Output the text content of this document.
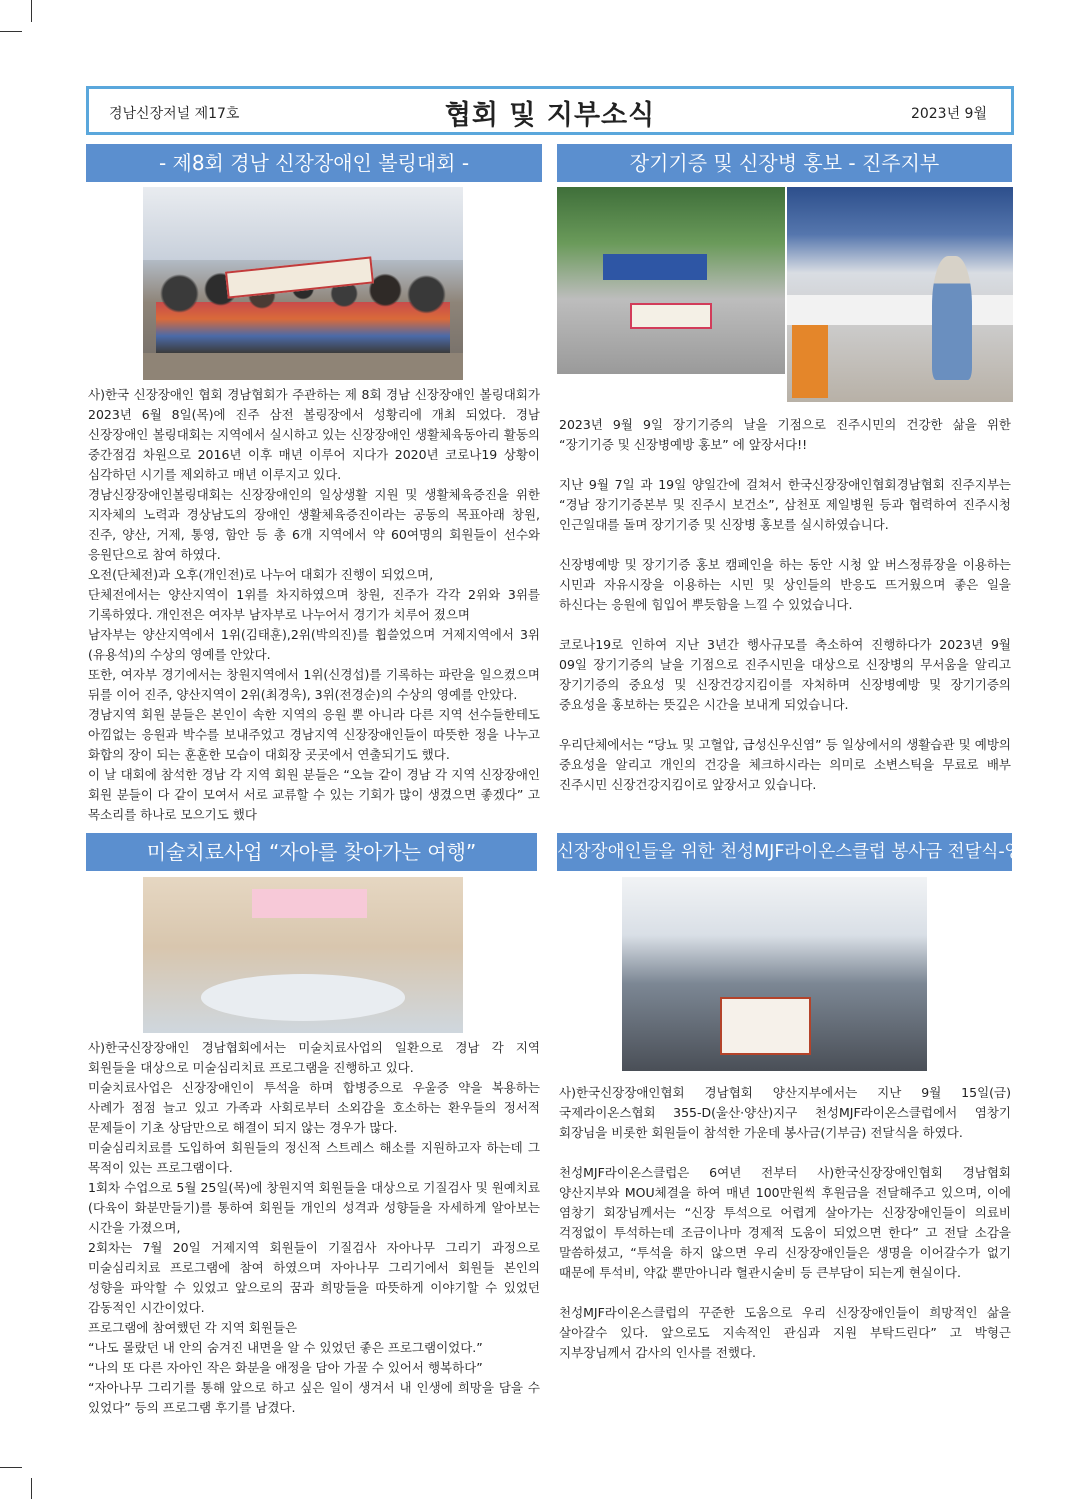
경남신장저널 제17호	협회 및 지부소식	2023년 9월
- 제8회 경남 신장장애인 볼링대회 -

사)한국 신장장애인 협회 경남협회가 주관하는 제 8회 경남 신장장애인 볼링대회가 2023년 6월 8일(목)에 진주 삼전 볼링장에서 성황리에 개최 되었다. 경남 신장장애인 볼링대회는 지역에서 실시하고 있는 신장장애인 생활체육동아리 활동의 중간점검 차원으로 2016년 이후 매년 이루어 지다가 2020년 코로나19 상황이 심각하던 시기를 제외하고 매년 이루지고 있다.

경남신장장애인볼링대회는 신장장애인의 일상생활 지원 및 생활체육증진을 위한 지자체의 노력과 경상남도의 장애인 생활체육증진이라는 공동의 목표아래 창원, 진주, 양산, 거제, 통영, 함안 등 총 6개 지역에서 약 60여명의 회원들이 선수와 응원단으로 참여 하였다.

오전(단체전)과 오후(개인전)로 나누어 대회가 진행이 되었으며,

단체전에서는 양산지역이 1위를 차지하였으며 창원, 진주가 각각 2위와 3위를 기록하였다. 개인전은 여자부 남자부로 나누어서 경기가 치루어 졌으며

남자부는 양산지역에서 1위(김태훈),2위(박의진)를 휩쓸었으며 거제지역에서 3위(유용석)의 수상의 영예를 안았다.

또한, 여자부 경기에서는 창원지역에서 1위(신경섭)를 기록하는 파란을 일으켰으며 뒤를 이어 진주, 양산지역이 2위(최경욱), 3위(전경순)의 수상의 영예를 안았다.

경남지역 회원 분들은 본인이 속한 지역의 응원 뿐 아니라 다른 지역 선수들한테도 아낌없는 응원과 박수를 보내주었고 경남지역 신장장애인들이 따뜻한 정을 나누고 화합의 장이 되는 훈훈한 모습이 대회장 곳곳에서 연출되기도 했다.

이 날 대회에 참석한 경남 각 지역 회원 분들은 “오늘 같이 경남 각 지역 신장장애인 회원 분들이 다 같이 모여서 서로 교류할 수 있는 기회가 많이 생겼으면 좋겠다” 고 목소리를 하나로 모으기도 했다

장기기증 및 신장병 홍보 - 진주지부

2023년 9월 9일 장기기증의 날을 기점으로 진주시민의 건강한 삶을 위한 “장기기증 및 신장병예방 홍보” 에 앞장서다!!

지난 9월 7일 과 19일 양일간에 걸쳐서 한국신장장애인협회경남협회 진주지부는 “경남 장기기증본부 및 진주시 보건소”, 삼천포 제일병원 등과 협력하여 진주시청 인근일대를 돌며 장기기증 및 신장병 홍보를 실시하였습니다.

신장병예방 및 장기기증 홍보 캠페인을 하는 동안 시청 앞 버스정류장을 이용하는 시민과 자유시장을 이용하는 시민 및 상인들의 반응도 뜨거웠으며 좋은 일을 하신다는 응원에 힘입어 뿌듯함을 느낄 수 있었습니다.

코로나19로 인하여 지난 3년간 행사규모를 축소하여 진행하다가 2023년 9월 09일 장기기증의 날을 기점으로 진주시민을 대상으로 신장병의 무서움을 알리고 장기기증의 중요성 및 신장건강지킴이를 자처하며 신장병예방 및 장기기증의 중요성을 홍보하는 뜻깊은 시간을 보내게 되었습니다.

우리단체에서는 “당뇨 및 고혈압, 급성신우신염” 등 일상에서의 생활습관 및 예방의 중요성을 알리고 개인의 건강을 체크하시라는 의미로 소변스틱을 무료로 배부 진주시민 신장건강지킴이로 앞장서고 있습니다.

미술치료사업 “자아를 찾아가는 여행”

사)한국신장장애인 경남협회에서는 미술치료사업의 일환으로 경남 각 지역 회원들을 대상으로 미술심리치료 프로그램을 진행하고 있다.

미술치료사업은 신장장애인이 투석을 하며 합병증으로 우울증 약을 복용하는 사례가 점점 늘고 있고 가족과 사회로부터 소외감을 호소하는 환우들의 정서적 문제들이 기초 상담만으로 해결이 되지 않는 경우가 많다.

미술심리치료를 도입하여 회원들의 정신적 스트레스 해소를 지원하고자 하는데 그 목적이 있는 프로그램이다.

1회차 수업으로 5월 25일(목)에 창원지역 회원들을 대상으로 기질검사 및 원예치료(다육이 화분만들기)를 통하여 회원들 개인의 성격과 성향들을 자세하게 알아보는 시간을 가졌으며,

2회차는 7월 20일 거제지역 회원들이 기질검사 자아나무 그리기 과정으로 미술심리치료 프로그램에 참여 하였으며 자아나무 그리기에서 회원들 본인의 성향을 파악할 수 있었고 앞으로의 꿈과 희망들을 따뜻하게 이야기할 수 있었던 감동적인 시간이었다.

프로그램에 참여했던 각 지역 회원들은

“나도 몰랐던 내 안의 숨겨진 내면을 알 수 있었던 좋은 프로그램이었다.”

“나의 또 다른 자아인 작은 화분을 애정을 담아 가꿀 수 있어서 행복하다”

“자아나무 그리기를 통해 앞으로 하고 싶은 일이 생겨서 내 인생에 희망을 담을 수 있었다” 등의 프로그램 후기를 남겼다.

신장장애인들을 위한 천성MJF라이온스클럽 봉사금 전달식-양산지부

사)한국신장장애인협회 경남협회 양산지부에서는 지난 9월 15일(금) 국제라이온스협회 355-D(울산·양산)지구 천성MJF라이온스클럽에서 염창기 회장님을 비롯한 회원들이 참석한 가운데 봉사금(기부금) 전달식을 하였다.

천성MJF라이온스클럽은 6여년 전부터 사)한국신장장애인협회 경남협회 양산지부와 MOU체결을 하여 매년 100만원씩 후원금을 전달해주고 있으며, 이에 염창기 회장님께서는 “신장 투석으로 어렵게 살아가는 신장장애인들이 의료비 걱정없이 투석하는데 조금이나마 경제적 도움이 되었으면 한다” 고 전달 소감을 말씀하셨고, “투석을 하지 않으면 우리 신장장애인들은 생명을 이어갈수가 없기 때문에 투석비, 약값 뿐만아니라 혈관시술비 등 큰부담이 되는게 현실이다.

천성MJF라이온스클럽의 꾸준한 도움으로 우리 신장장애인들이 희망적인 삶을 살아갈수 있다. 앞으로도 지속적인 관심과 지원 부탁드린다” 고 박형근 지부장님께서 감사의 인사를 전했다.
